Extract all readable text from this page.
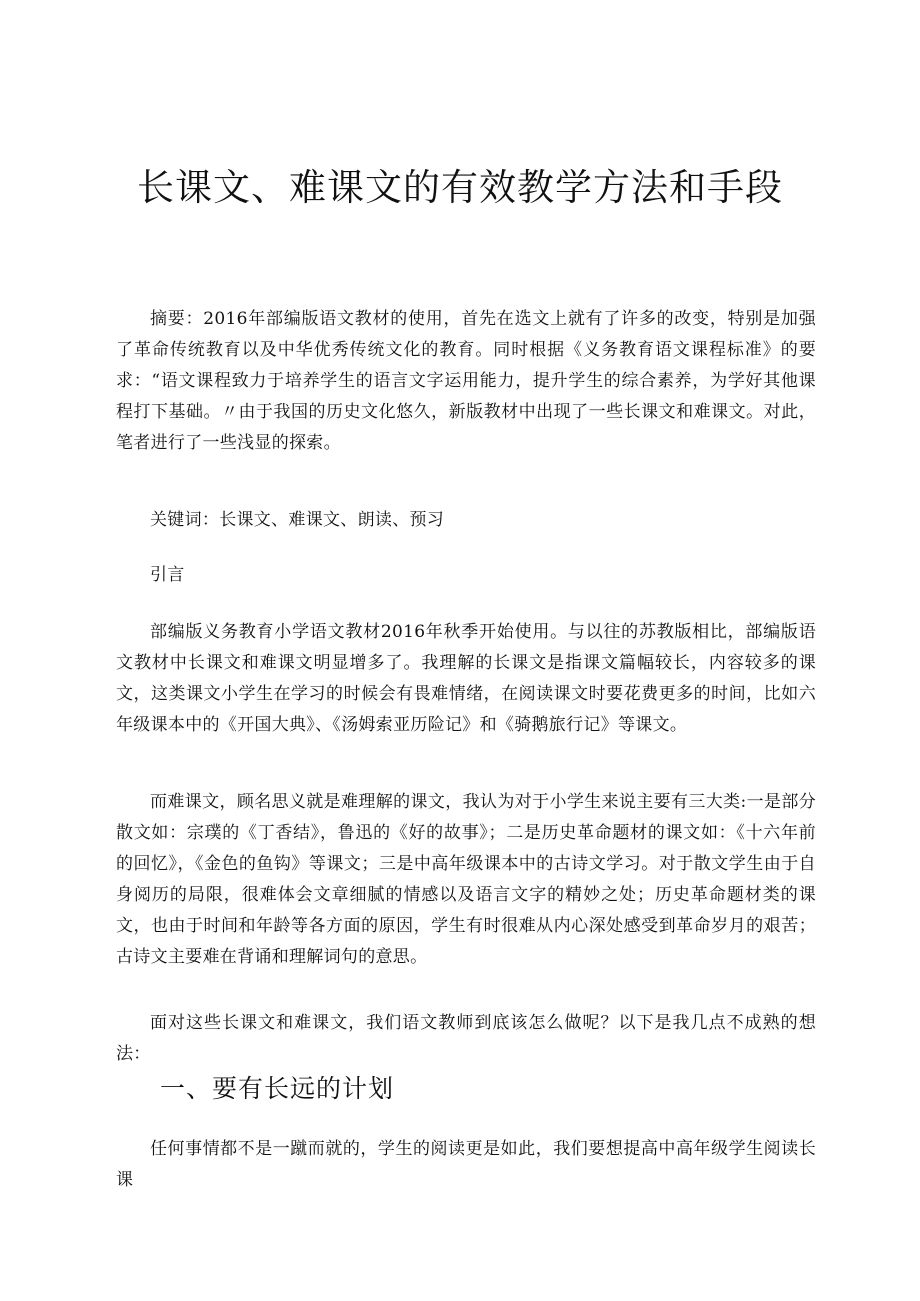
长课文、难课文的有效教学方法和手段

摘要：2016年部编版语文教材的使用，首先在选文上就有了许多的改变，特别是加强了革命传统教育以及中华优秀传统文化的教育。同时根据《义务教育语文课程标准》的要求：“语文课程致力于培养学生的语言文字运用能力，提升学生的综合素养，为学好其他课程打下基础。〃由于我国的历史文化悠久，新版教材中出现了一些长课文和难课文。对此，笔者进行了一些浅显的探索。

关键词：长课文、难课文、朗读、预习

引言

部编版义务教育小学语文教材2016年秋季开始使用。与以往的苏教版相比，部编版语文教材中长课文和难课文明显增多了。我理解的长课文是指课文篇幅较长，内容较多的课文，这类课文小学生在学习的时候会有畏难情绪，在阅读课文时要花费更多的时间，比如六年级课本中的《开国大典》、《汤姆索亚历险记》和《骑鹅旅行记》等课文。

而难课文，顾名思义就是难理解的课文，我认为对于小学生来说主要有三大类:一是部分散文如：宗璞的《丁香结》，鲁迅的《好的故事》；二是历史革命题材的课文如：《十六年前的回忆》，《金色的鱼钩》等课文；三是中高年级课本中的古诗文学习。对于散文学生由于自身阅历的局限，很难体会文章细腻的情感以及语言文字的精妙之处；历史革命题材类的课文，也由于时间和年龄等各方面的原因，学生有时很难从内心深处感受到革命岁月的艰苦；古诗文主要难在背诵和理解词句的意思。

面对这些长课文和难课文，我们语文教师到底该怎么做呢？以下是我几点不成熟的想法：

一、要有长远的计划

任何事情都不是一蹴而就的，学生的阅读更是如此，我们要想提高中高年级学生阅读长课
